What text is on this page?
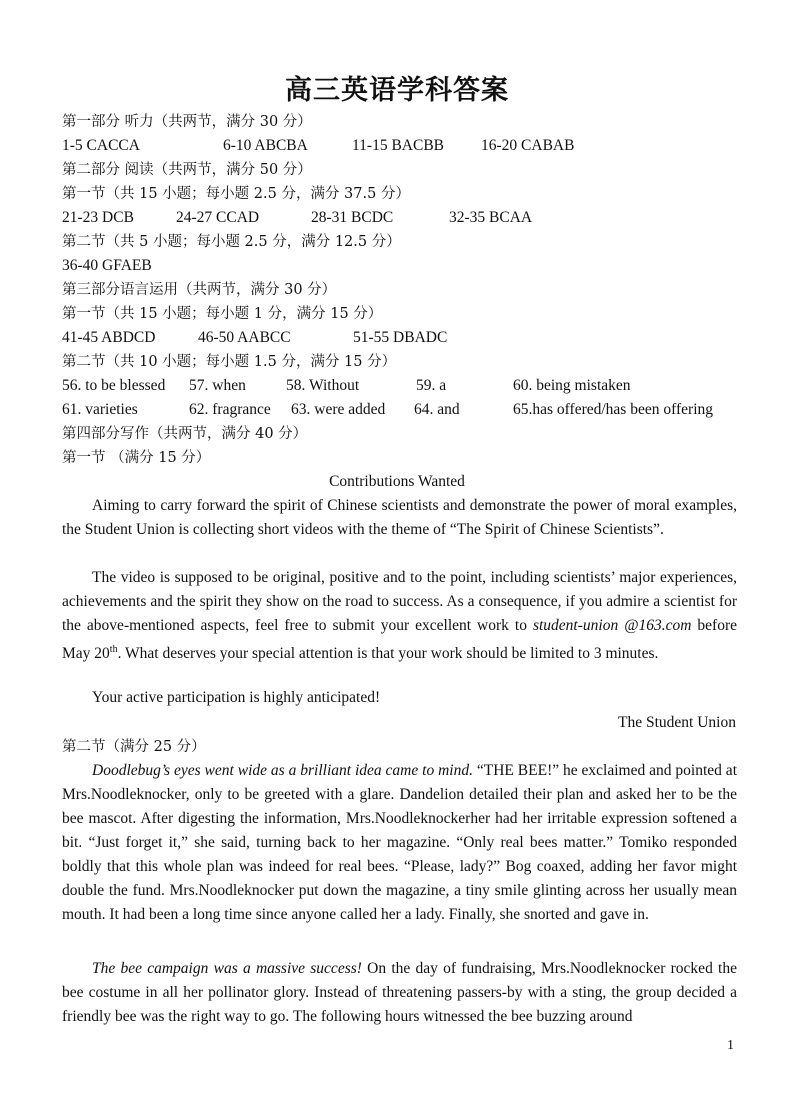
高三英语学科答案
第一部分 听力（共两节，满分 30 分）
1-5 CACCA	6-10 ABCBA	11-15 BACBB 16-20 CABAB
第二部分 阅读（共两节，满分 50 分）
第一节（共 15 小题；每小题 2.5 分，满分 37.5 分）
21-23 DCB	24-27 CCAD	28-31 BCDC	32-35 BCAA
第二节（共 5 小题；每小题 2.5 分，满分 12.5 分）
36-40 GFAEB
第三部分语言运用（共两节，满分 30 分）
第一节（共 15 小题；每小题 1 分，满分 15 分）
41-45 ABDCD	46-50 AABCC	51-55 DBADC
第二节（共 10 小题；每小题 1.5 分，满分 15 分）
56. to be blessed 57. when	58. Without	59. a	60. being mistaken
61. varieties	62. fragrance 63. were added 64. and	65.has offered/has been offering
第四部分写作（共两节，满分 40 分）
第一节 （满分 15 分）
Contributions Wanted

Aiming to carry forward the spirit of Chinese scientists and demonstrate the power of moral examples, the Student Union is collecting short videos with the theme of “The Spirit of Chinese Scientists”.

The video is supposed to be original, positive and to the point, including scientists’ major experiences, achievements and the spirit they show on the road to success. As a consequence, if you admire a scientist for the above-mentioned aspects, feel free to submit your excellent work to student-union @163.com before May 20th. What deserves your special attention is that your work should be limited to 3 minutes.

Your active participation is highly anticipated!

The Student Union
第二节（满分 25 分）

Doodlebug’s eyes went wide as a brilliant idea came to mind. “THE BEE!” he exclaimed and pointed at Mrs.Noodleknocker, only to be greeted with a glare. Dandelion detailed their plan and asked her to be the bee mascot. After digesting the information, Mrs.Noodleknockerher had her irritable expression softened a bit. “Just forget it,” she said, turning back to her magazine. “Only real bees matter.” Tomiko responded boldly that this whole plan was indeed for real bees. “Please, lady?” Bog coaxed, adding her favor might double the fund. Mrs.Noodleknocker put down the magazine, a tiny smile glinting across her usually mean mouth. It had been a long time since anyone called her a lady. Finally, she snorted and gave in.

The bee campaign was a massive success! On the day of fundraising, Mrs.Noodleknocker rocked the bee costume in all her pollinator glory. Instead of threatening passers-by with a sting, the group decided a friendly bee was the right way to go. The following hours witnessed the bee buzzing around

1
